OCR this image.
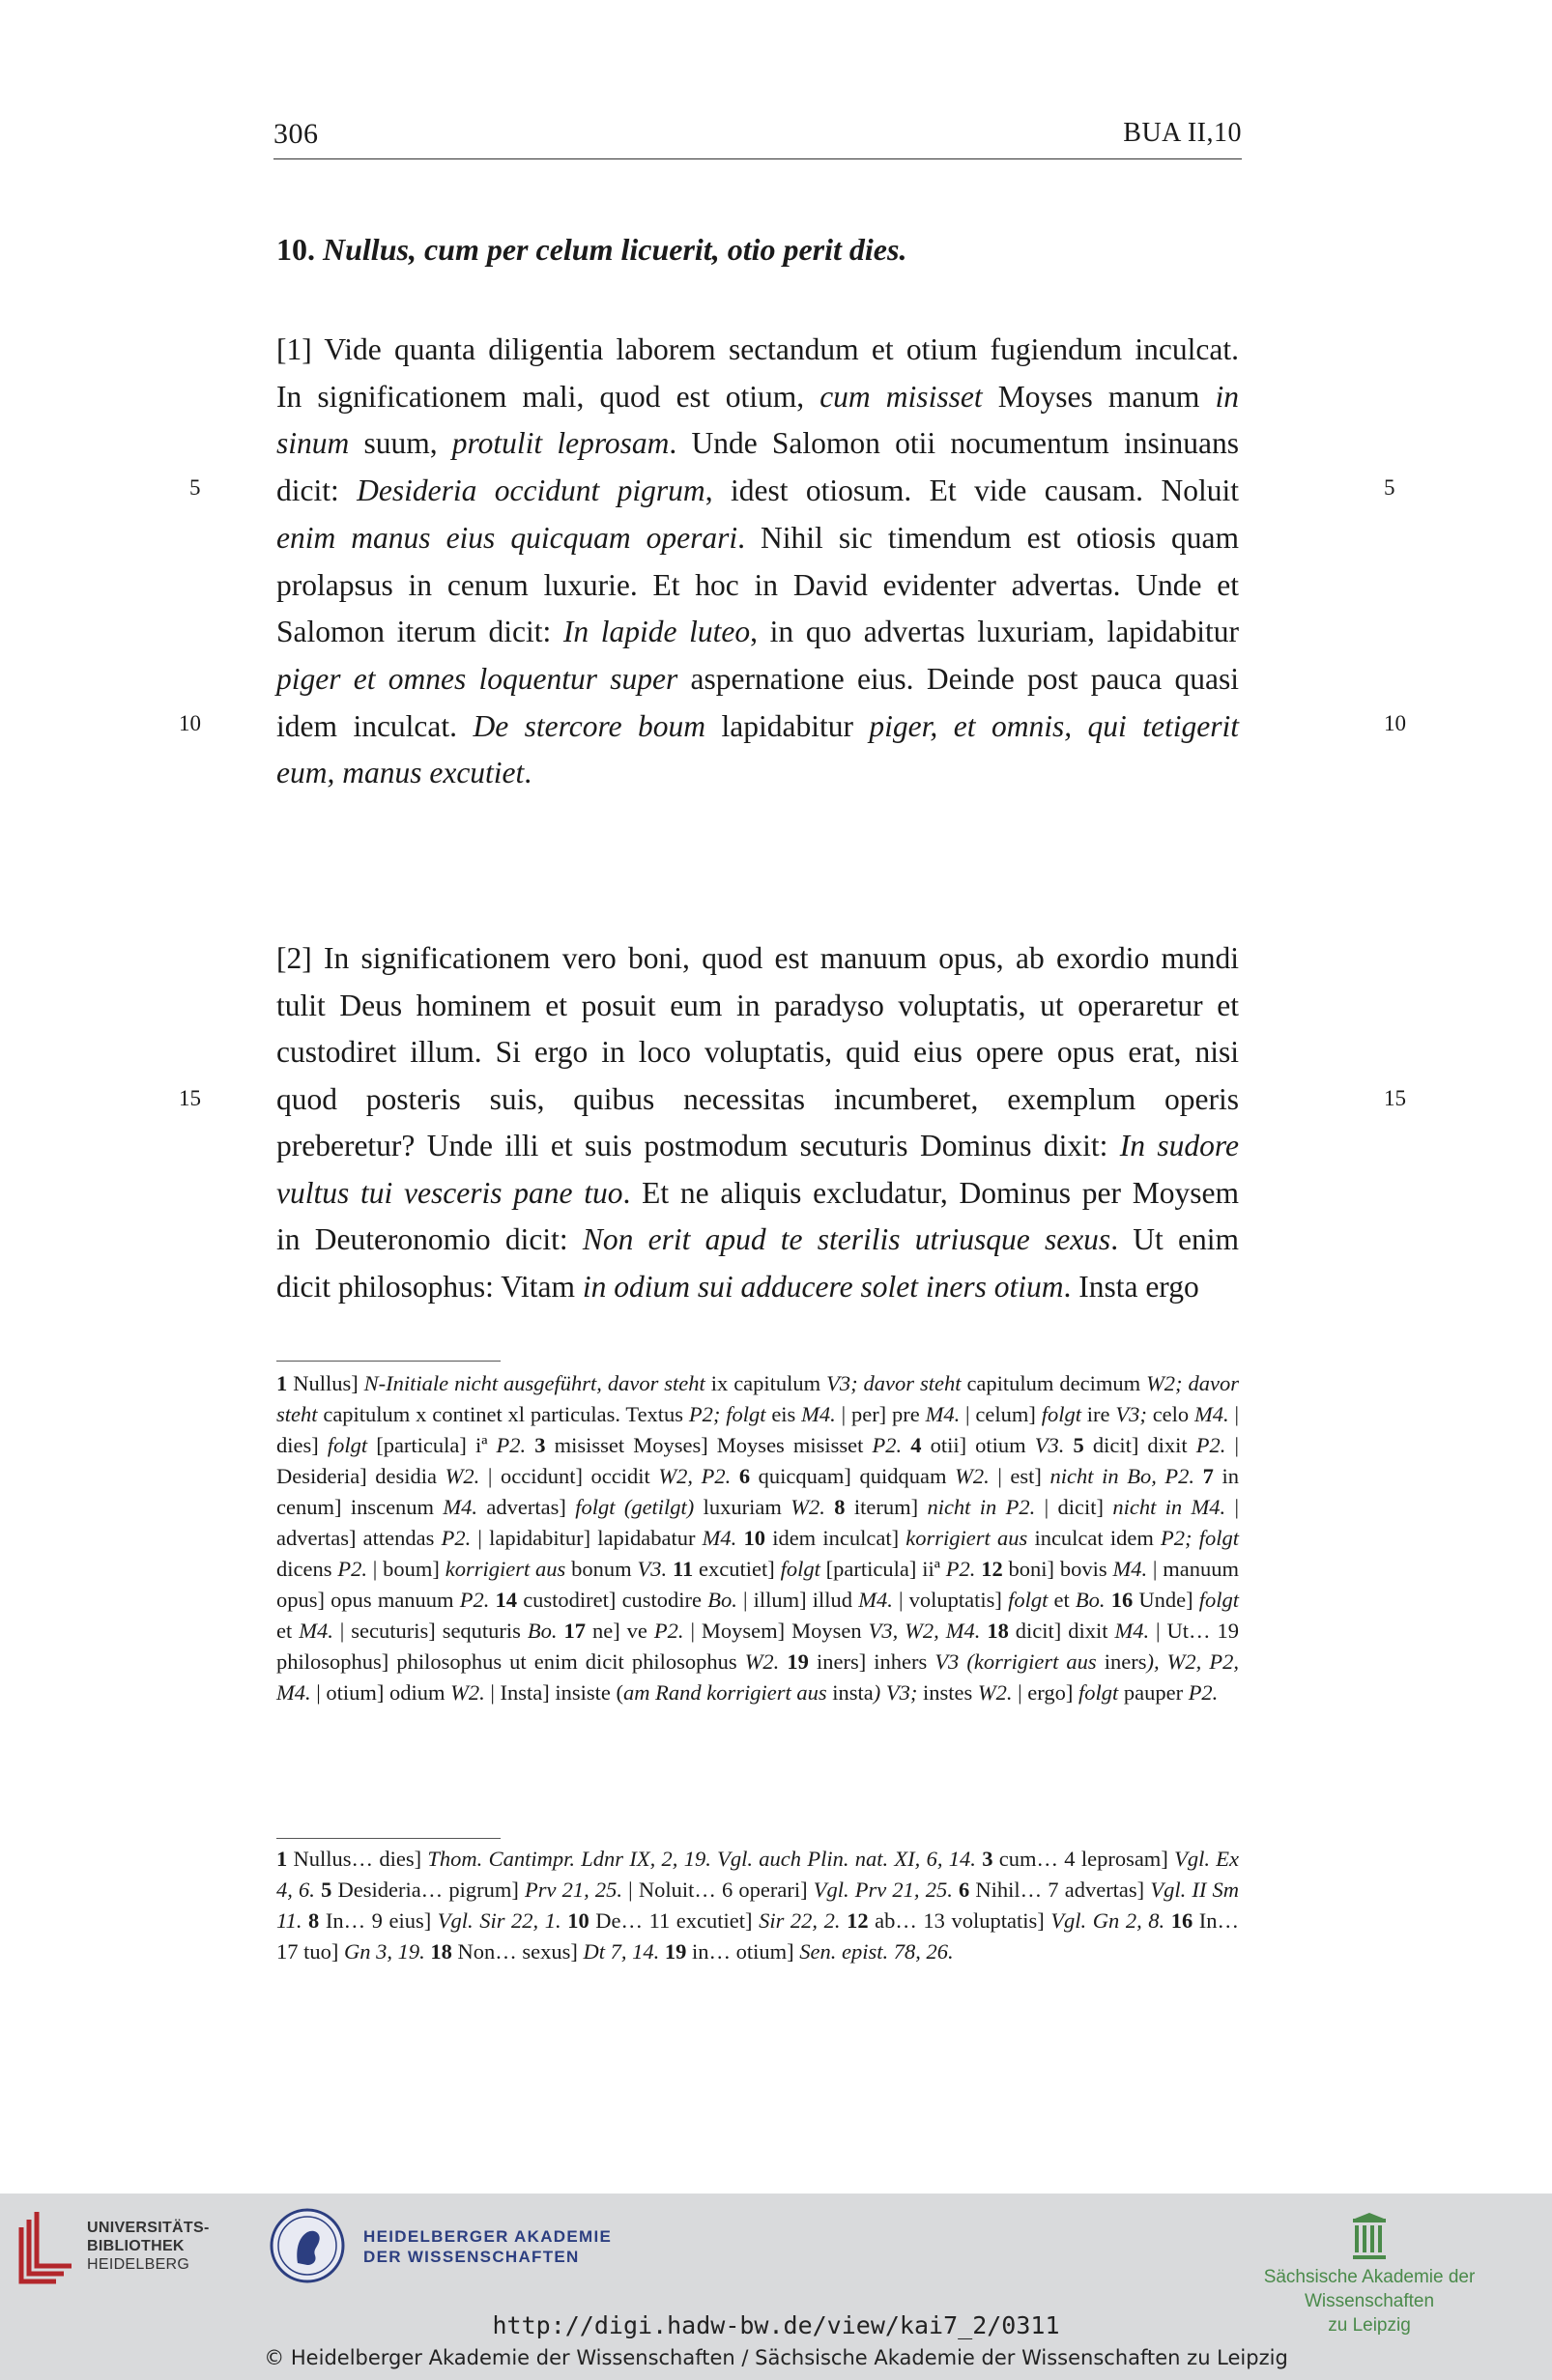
306	BUA II,10
10. Nullus, cum per celum licuerit, otio perit dies.
[1] Vide quanta diligentia laborem sectandum et otium fugiendum inculcat.
In significationem mali, quod est otium, cum misisset Moyses manum in
sinum suum, protulit leprosam. Unde Salomon otii nocumentum insinuans
dicit: Desideria occidunt pigrum, idest otiosum. Et vide causam. Noluit
enim manus eius quicquam operari. Nihil sic timendum est otiosis quam
prolapsus in cenum luxurie. Et hoc in David evidenter advertas. Unde et
Salomon iterum dicit: In lapide luteo, in quo advertas luxuriam, lapidabitur
piger et omnes loquentur super aspernatione eius. Deinde post pauca quasi
idem inculcat. De stercore boum lapidabitur piger, et omnis, qui tetigerit
eum, manus excutiet.
[2] In significationem vero boni, quod est manuum opus, ab exordio mundi
tulit Deus hominem et posuit eum in paradyso voluptatis, ut operaretur et
custodiret illum. Si ergo in loco voluptatis, quid eius opere opus erat, nisi
quod posteris suis, quibus necessitas incumberet, exemplum operis
preberetur? Unde illi et suis postmodum secuturis Dominus dixit: In sudore
vultus tui vesceris pane tuo. Et ne aliquis excludatur, Dominus per Moysem
in Deuteronomio dicit: Non erit apud te sterilis utriusque sexus. Ut enim
dicit philosophus: Vitam in odium sui adducere solet iners otium. Insta ergo
5	5
10	10
15	15
1 Nullus] N-Initiale nicht ausgeführt, davor steht ix capitulum V3; davor steht capitulum decimum W2; davor steht capitulum x continet xl particulas. Textus P2; folgt eis M4. | per] pre M4. | celum] folgt ire V3; celo M4. | dies] folgt [particula] iª P2. 3 misisset Moyses] Moyses misisset P2. 4 otii] otium V3. 5 dicit] dixit P2. | Desideria] desidia W2. | occidunt] occidit W2, P2. 6 quicquam] quidquam W2. | est] nicht in Bo, P2. 7 in cenum] inscenum M4. advertas] folgt (getilgt) luxuriam W2. 8 iterum] nicht in P2. | dicit] nicht in M4. | advertas] attendas P2. | lapidabitur] lapidabatur M4. 10 idem inculcat] korrigiert aus inculcat idem P2; folgt dicens P2. | boum] korrigiert aus bonum V3. 11 excutiet] folgt [particula] iiª P2. 12 boni] bovis M4. | manuum opus] opus manuum P2. 14 custodiret] custodire Bo. | illum] illud M4. | voluptatis] folgt et Bo. 16 Unde] folgt et M4. | secuturis] sequturis Bo. 17 ne] ve P2. | Moysem] Moysen V3, W2, M4. 18 dicit] dixit M4. | Ut… 19 philosophus] philosophus ut enim dicit philosophus W2. 19 iners] inhers V3 (korrigiert aus iners), W2, P2, M4. | otium] odium W2. | Insta] insiste (am Rand korrigiert aus insta) V3; instes W2. | ergo] folgt pauper P2.
1 Nullus… dies] Thom. Cantimpr. Ldnr IX, 2, 19. Vgl. auch Plin. nat. XI, 6, 14. 3 cum… 4 leprosam] Vgl. Ex 4, 6. 5 Desideria… pigrum] Prv 21, 25. | Noluit… 6 operari] Vgl. Prv 21, 25. 6 Nihil… 7 advertas] Vgl. II Sm 11. 8 In… 9 eius] Vgl. Sir 22, 1. 10 De… 11 excutiet] Sir 22, 2. 12 ab… 13 voluptatis] Vgl. Gn 2, 8. 16 In… 17 tuo] Gn 3, 19. 18 Non… sexus] Dt 7, 14. 19 in… otium] Sen. epist. 78, 26.
UNIVERSITÄTS-
BIBLIOTHEK
HEIDELBERG
HEIDELBERGER AKADEMIE
DER WISSENSCHAFTEN
Sächsische Akademie der Wissenschaften
zu Leipzig
http://digi.hadw-bw.de/view/kai7_2/0311
© Heidelberger Akademie der Wissenschaften / Sächsische Akademie der Wissenschaften zu Leipzig
